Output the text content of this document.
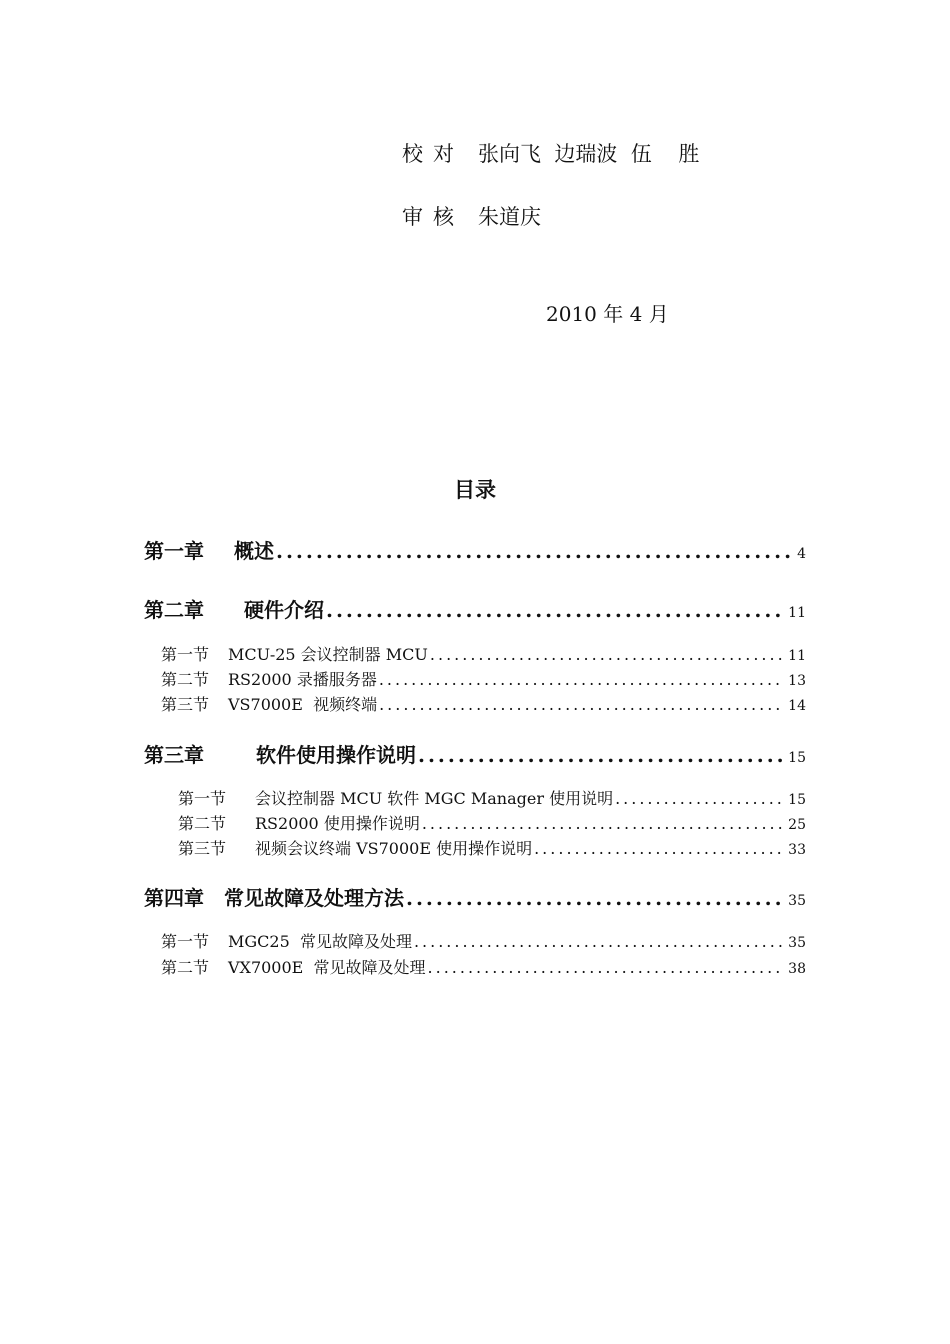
校对 张向飞  边瑞波  伍    胜
审核 朱道庆
2010 年 4 月
目录
第一章	概述 .....	4
第二章	硬件介绍 .....	11
第一节	MCU-25 会议控制器 MCU .....	11
第二节	RS2000 录播服务器 .....	13
第三节	VS7000E  视频终端 .....	14
第三章	软件使用操作说明 .....	15
第一节	会议控制器 MCU 软件 MGC Manager 使用说明 .....	15
第二节	RS2000 使用操作说明 .....	25
第三节	视频会议终端 VS7000E 使用操作说明 .....	33
第四章	常见故障及处理方法 .....	35
第一节	MGC25  常见故障及处理 .....	35
第二节	VX7000E  常见故障及处理 .....	38
